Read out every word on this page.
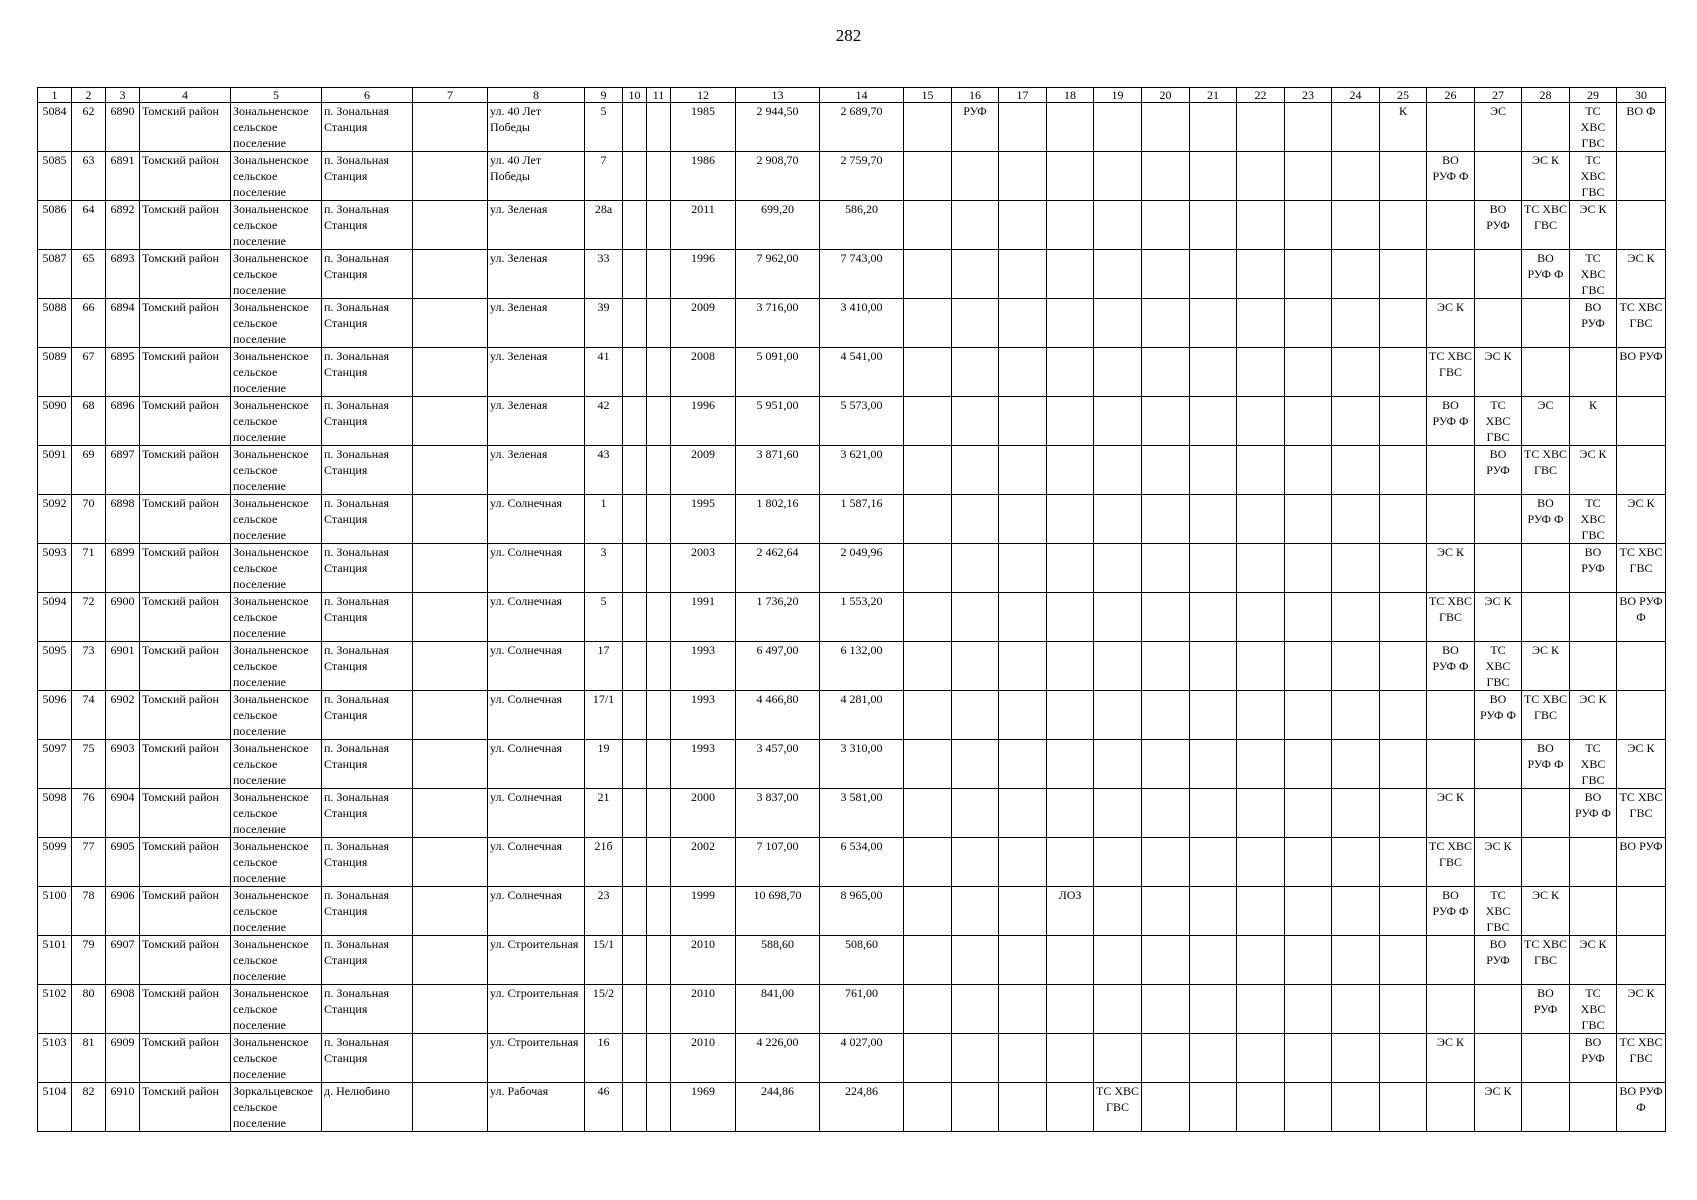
282
1	2	3	4	5	6	7	8	9	10	11	12	13	14	15	16	17	18	19	20	21	22	23	24	25	26	27	28	29	30
5084	62	6890	Томский район	Зональненское сельское поселение	п. Зональная Станция		ул. 40 Лет Победы	5			1985	2 944,50	2 689,70		РУФ									К		ЭС		ТС ХВС ГВС	ВО Ф
5085	63	6891	Томский район	Зональненское сельское поселение	п. Зональная Станция		ул. 40 Лет Победы	7			1986	2 908,70	2 759,70												ВО РУФ Ф		ЭС К	ТС ХВС ГВС	
5086	64	6892	Томский район	Зональненское сельское поселение	п. Зональная Станция		ул. Зеленая	28а			2011	699,20	586,20													ВО РУФ	ТС ХВС ГВС	ЭС К	
5087	65	6893	Томский район	Зональненское сельское поселение	п. Зональная Станция		ул. Зеленая	33			1996	7 962,00	7 743,00														ВО РУФ Ф	ТС ХВС ГВС	ЭС К
5088	66	6894	Томский район	Зональненское сельское поселение	п. Зональная Станция		ул. Зеленая	39			2009	3 716,00	3 410,00												ЭС К			ВО РУФ	ТС ХВС ГВС
5089	67	6895	Томский район	Зональненское сельское поселение	п. Зональная Станция		ул. Зеленая	41			2008	5 091,00	4 541,00												ТС ХВС ГВС	ЭС К			ВО РУФ
5090	68	6896	Томский район	Зональненское сельское поселение	п. Зональная Станция		ул. Зеленая	42			1996	5 951,00	5 573,00												ВО РУФ Ф	ТС ХВС ГВС	ЭС	К	
5091	69	6897	Томский район	Зональненское сельское поселение	п. Зональная Станция		ул. Зеленая	43			2009	3 871,60	3 621,00													ВО РУФ	ТС ХВС ГВС	ЭС К	
5092	70	6898	Томский район	Зональненское сельское поселение	п. Зональная Станция		ул. Солнечная	1			1995	1 802,16	1 587,16														ВО РУФ Ф	ТС ХВС ГВС	ЭС К
5093	71	6899	Томский район	Зональненское сельское поселение	п. Зональная Станция		ул. Солнечная	3			2003	2 462,64	2 049,96												ЭС К			ВО РУФ	ТС ХВС ГВС
5094	72	6900	Томский район	Зональненское сельское поселение	п. Зональная Станция		ул. Солнечная	5			1991	1 736,20	1 553,20												ТС ХВС ГВС	ЭС К			ВО РУФ Ф
5095	73	6901	Томский район	Зональненское сельское поселение	п. Зональная Станция		ул. Солнечная	17			1993	6 497,00	6 132,00												ВО РУФ Ф	ТС ХВС ГВС	ЭС К		
5096	74	6902	Томский район	Зональненское сельское поселение	п. Зональная Станция		ул. Солнечная	17/1			1993	4 466,80	4 281,00													ВО РУФ Ф	ТС ХВС ГВС	ЭС К	
5097	75	6903	Томский район	Зональненское сельское поселение	п. Зональная Станция		ул. Солнечная	19			1993	3 457,00	3 310,00														ВО РУФ Ф	ТС ХВС ГВС	ЭС К
5098	76	6904	Томский район	Зональненское сельское поселение	п. Зональная Станция		ул. Солнечная	21			2000	3 837,00	3 581,00												ЭС К			ВО РУФ Ф	ТС ХВС ГВС
5099	77	6905	Томский район	Зональненское сельское поселение	п. Зональная Станция		ул. Солнечная	21б			2002	7 107,00	6 534,00												ТС ХВС ГВС	ЭС К			ВО РУФ
5100	78	6906	Томский район	Зональненское сельское поселение	п. Зональная Станция		ул. Солнечная	23			1999	10 698,70	8 965,00				ЛОЗ								ВО РУФ Ф	ТС ХВС ГВС	ЭС К		
5101	79	6907	Томский район	Зональненское сельское поселение	п. Зональная Станция		ул. Строительная	15/1			2010	588,60	508,60													ВО РУФ	ТС ХВС ГВС	ЭС К	
5102	80	6908	Томский район	Зональненское сельское поселение	п. Зональная Станция		ул. Строительная	15/2			2010	841,00	761,00														ВО РУФ	ТС ХВС ГВС	ЭС К
5103	81	6909	Томский район	Зональненское сельское поселение	п. Зональная Станция		ул. Строительная	16			2010	4 226,00	4 027,00												ЭС К			ВО РУФ	ТС ХВС ГВС
5104	82	6910	Томский район	Зоркальцевское сельское поселение	д. Нелюбино		ул. Рабочая	46			1969	244,86	224,86					ТС ХВС ГВС								ЭС К			ВО РУФ Ф
